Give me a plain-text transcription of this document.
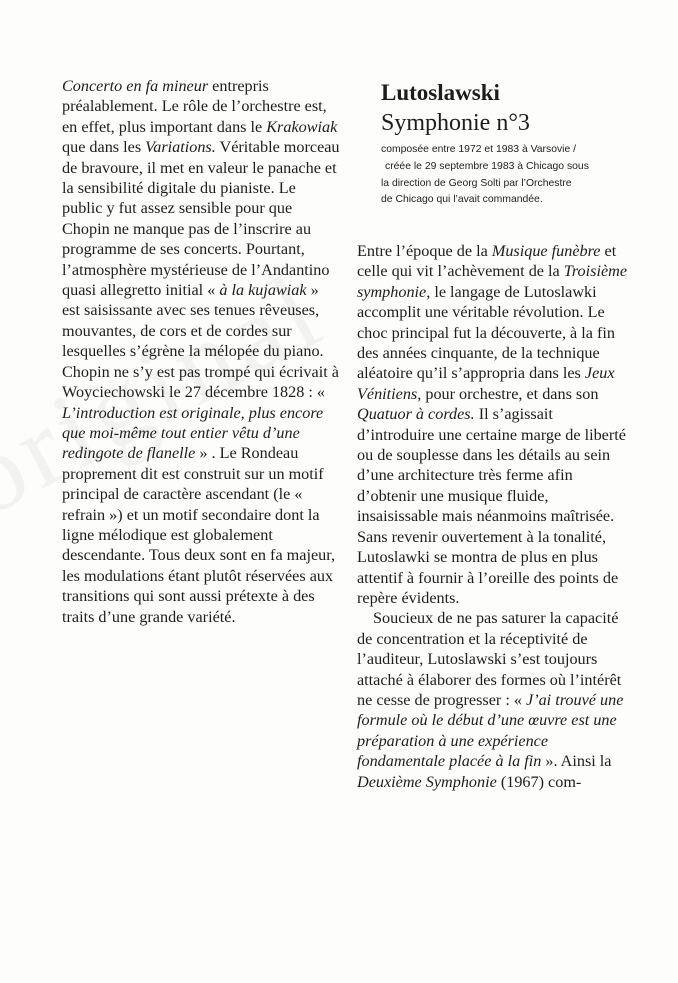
Concerto en fa mineur entrepris préalablement. Le rôle de l’orchestre est, en effet, plus important dans le Krakowiak que dans les Variations. Véritable morceau de bravoure, il met en valeur le panache et la sensibilité digitale du pianiste. Le public y fut assez sensible pour que Chopin ne manque pas de l’inscrire au programme de ses concerts. Pourtant, l’atmosphère mystérieuse de l’Andantino quasi allegretto initial « à la kujawiak » est saisissante avec ses tenues rêveuses, mouvantes, de cors et de cordes sur lesquelles s’égrène la mélopée du piano. Chopin ne s’y est pas trompé qui écrivait à Woyciechowski le 27 décembre 1828 : « L’introduction est originale, plus encore que moi-même tout entier vêtu d’une redingote de flanelle » . Le Rondeau proprement dit est construit sur un motif principal de caractère ascendant (le « refrain ») et un motif secondaire dont la ligne mélodique est globalement descendante. Tous deux sont en fa majeur, les modulations étant plutôt réservées aux transitions qui sont aussi prétexte à des traits d’une grande variété.

Lutoslawski
Symphonie n°3
composée entre 1972 et 1983 à Varsovie /
créée le 29 septembre 1983 à Chicago sous
la direction de Georg Solti par l’Orchestre
de Chicago qui l’avait commandée.

Entre l’époque de la Musique funèbre et celle qui vit l’achèvement de la Troisième symphonie, le langage de Lutoslawki accomplit une véritable révolution. Le choc principal fut la découverte, à la fin des années cinquante, de la technique aléatoire qu’il s’appropria dans les Jeux Vénitiens, pour orchestre, et dans son Quatuor à cordes. Il s’agissait d’introduire une certaine marge de liberté ou de souplesse dans les détails au sein d’une architecture très ferme afin d’obtenir une musique fluide, insaisissable mais néanmoins maîtrisée. Sans revenir ouvertement à la tonalité, Lutoslawki se montra de plus en plus attentif à fournir à l’oreille des points de repère évidents.

Soucieux de ne pas saturer la capacité de concentration et la réceptivité de l’auditeur, Lutoslawski s’est toujours attaché à élaborer des formes où l’intérêt ne cesse de progresser : « J’ai trouvé une formule où le début d’une œuvre est une préparation à une expérience fondamentale placée à la fin ». Ainsi la Deuxième Symphonie (1967) com-
